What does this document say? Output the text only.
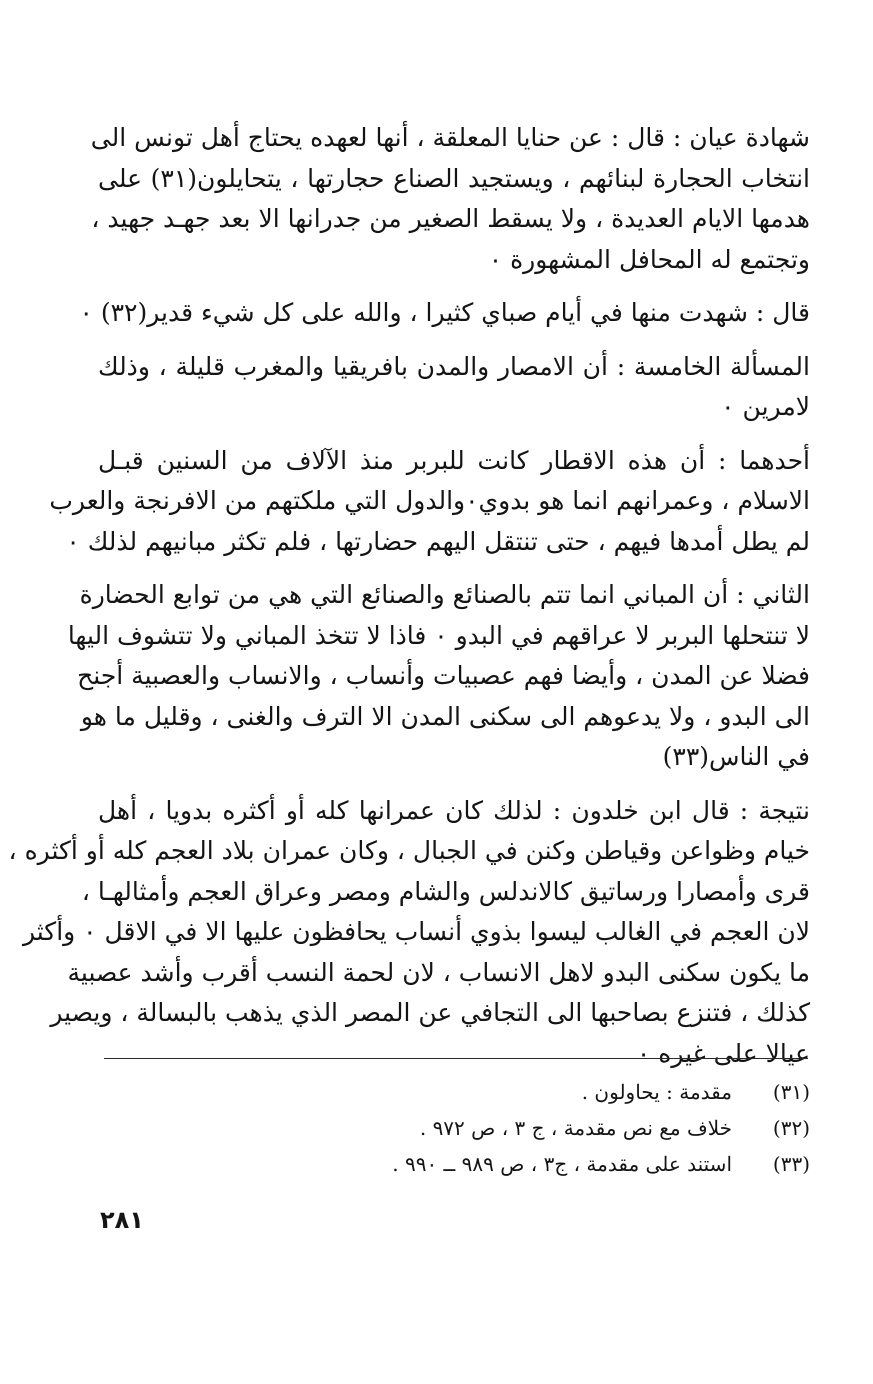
شهادة عيان : قال : عن حنايا المعلقة ، أنها لعهده يحتاج أهل تونس الى
انتخاب الحجارة لبنائهم ، ويستجيد الصناع حجارتها ، يتحايلون(٣١) على
هدمها الايام العديدة ، ولا يسقط الصغير من جدرانها الا بعد جهـد جهيد ،
وتجتمع له المحافل المشهورة ٠

قال : شهدت منها في أيام صباي كثيرا ، والله على كل شيء قدير(٣٢) ٠

المسألة الخامسة : أن الامصار والمدن بافريقيا والمغرب قليلة ، وذلك
لامرين ٠

أحدهما : أن هذه الاقطار كانت للبربر منذ الآلاف من السنين قبـل
الاسلام ، وعمرانهم انما هو بدوي٠والدول التي ملكتهم من الافرنجة والعرب
لم يطل أمدها فيهم ، حتى تنتقل اليهم حضارتها ، فلم تكثر مبانيهم لذلك ٠

الثاني : أن المباني انما تتم بالصنائع والصنائع التي هي من توابع الحضارة
لا تنتحلها البربر لا عراقهم في البدو ٠ فاذا لا تتخذ المباني ولا تتشوف اليها
فضلا عن المدن ، وأيضا فهم عصبيات وأنساب ، والانساب والعصبية أجنح
الى البدو ، ولا يدعوهم الى سكنى المدن الا الترف والغنى ، وقليل ما هو
في الناس(٣٣)

نتيجة : قال ابن خلدون : لذلك كان عمرانها كله أو أكثره بدويا ، أهل
خيام وظواعن وقياطن وكنن في الجبال ، وكان عمران بلاد العجم كله أو أكثره ،
قرى وأمصارا ورساتيق كالاندلس والشام ومصر وعراق العجم وأمثالهـا ،
لان العجم في الغالب ليسوا بذوي أنساب يحافظون عليها الا في الاقل ٠ وأكثر
ما يكون سكنى البدو لاهل الانساب ، لان لحمة النسب أقرب وأشد عصبية
كذلك ، فتنزع بصاحبها الى التجافي عن المصر الذي يذهب بالبسالة ، ويصير
عيالا على غيره ٠

(٣١)
مقدمة : يحاولون .
(٣٢)
خلاف مع نص مقدمة ، ج ٣ ، ص ٩٧٢ .
(٣٣)
استند على مقدمة ، ج٣ ، ص ٩٨٩ ــ ٩٩٠ .
٢٨١
